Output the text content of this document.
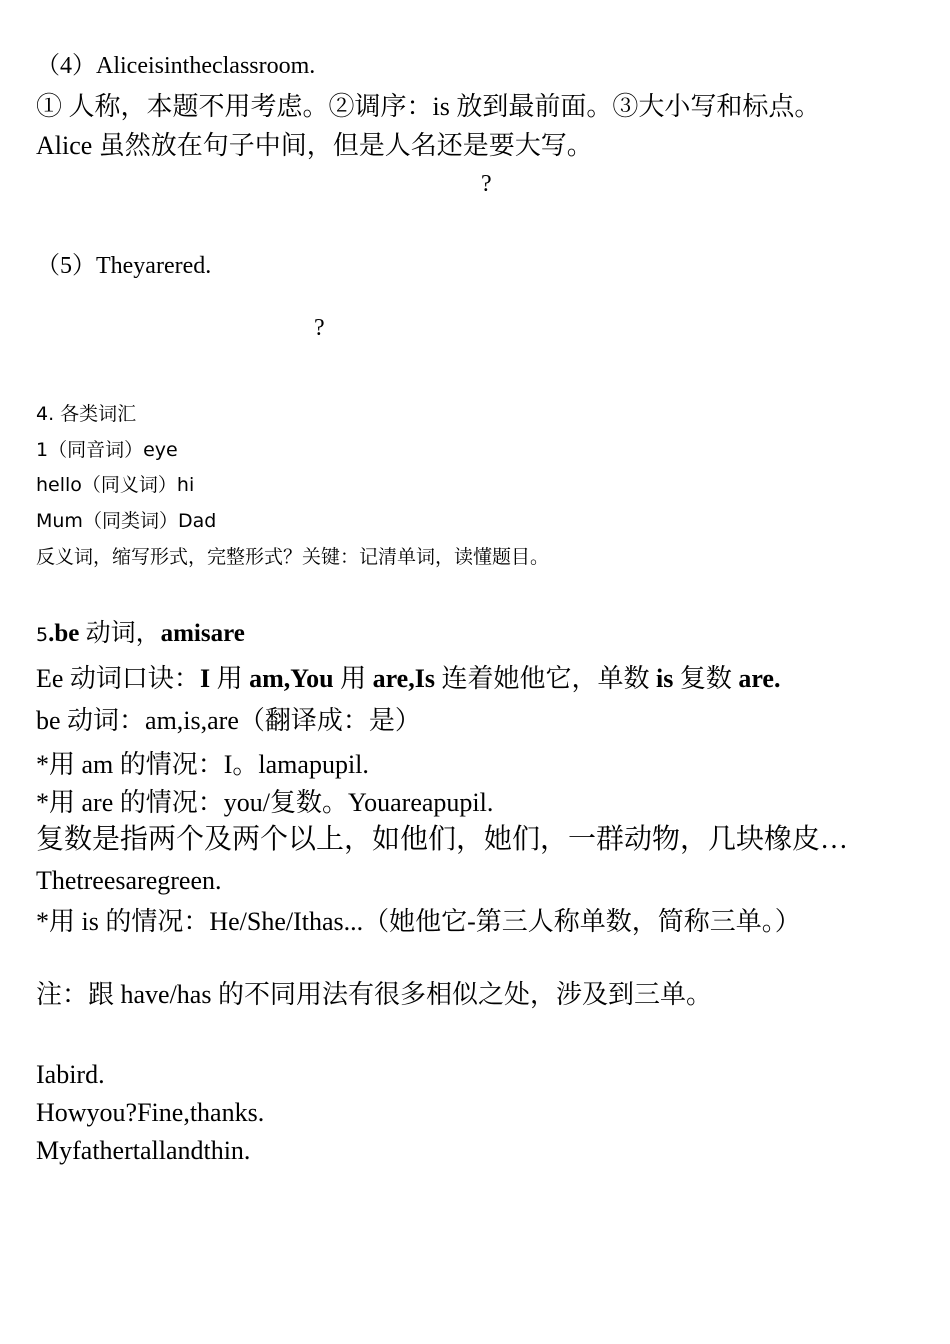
（4）Aliceisintheclassroom.
① 人称，本题不用考虑。②调序：is 放到最前面。③大小写和标点。
Alice 虽然放在句子中间，但是人名还是要大写。
?
（5）Theyarered.
?
4. 各类词汇
1（同音词）eye
hello（同义词）hi
Mum（同类词）Dad
反义词，缩写形式，完整形式？关键：记清单词，读懂题目。
5.be 动词，amisare
Ee 动词口诀：I 用 am,You 用 are,Is 连着她他它，单数 is 复数 are.
be 动词：am,is,are（翻译成：是）
*用 am 的情况：I。lamapupil.
*用 are 的情况：you/复数。Youareapupil.
复数是指两个及两个以上，如他们，她们，一群动物，几块橡皮…
Thetreesaregreen.
*用 is 的情况：He/She/Ithas...（她他它-第三人称单数，简称三单。）
注：跟 have/has 的不同用法有很多相似之处，涉及到三单。
Iabird.
Howyou?Fine,thanks.
Myfathertallandthin.
